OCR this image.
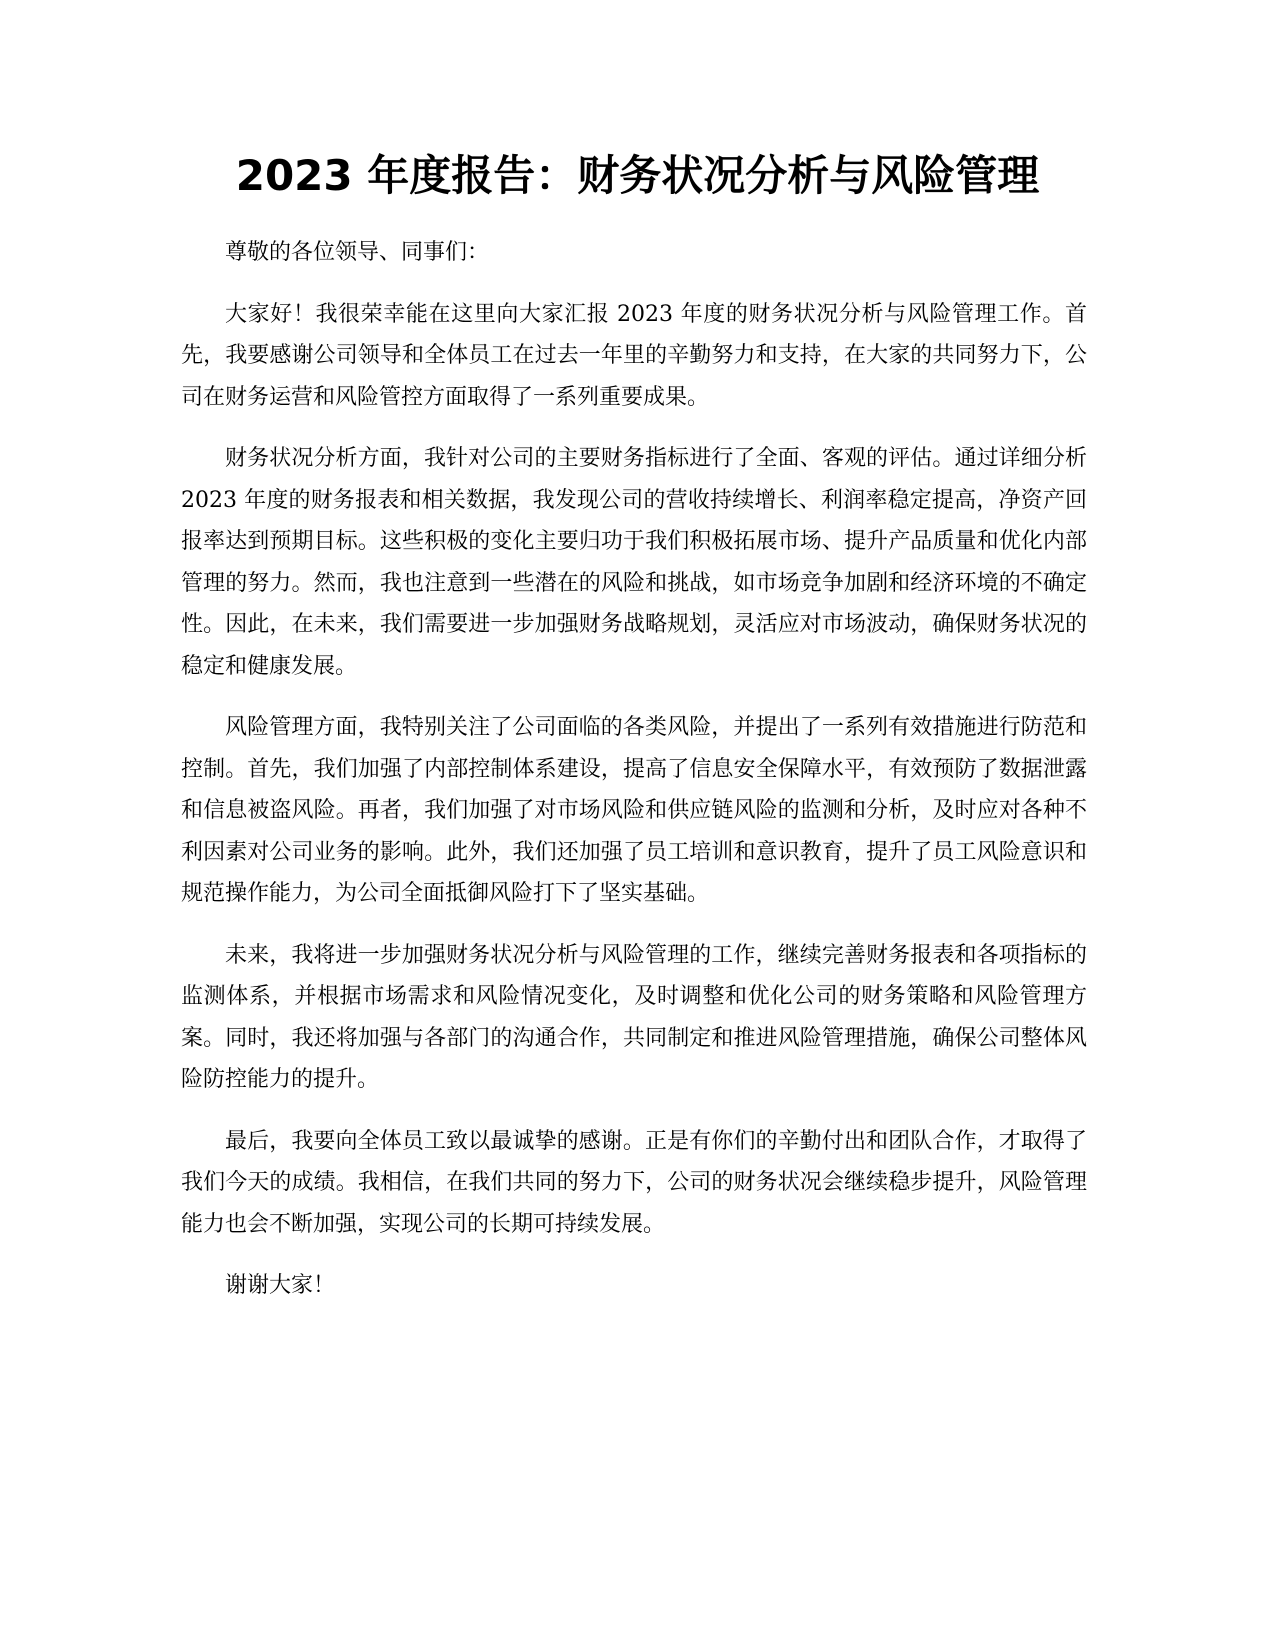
2023 年度报告：财务状况分析与风险管理

尊敬的各位领导、同事们：

大家好！我很荣幸能在这里向大家汇报 2023 年度的财务状况分析与风险管理工作。首先，我要感谢公司领导和全体员工在过去一年里的辛勤努力和支持，在大家的共同努力下，公司在财务运营和风险管控方面取得了一系列重要成果。

财务状况分析方面，我针对公司的主要财务指标进行了全面、客观的评估。通过详细分析 2023 年度的财务报表和相关数据，我发现公司的营收持续增长、利润率稳定提高，净资产回报率达到预期目标。这些积极的变化主要归功于我们积极拓展市场、提升产品质量和优化内部管理的努力。然而，我也注意到一些潜在的风险和挑战，如市场竞争加剧和经济环境的不确定性。因此，在未来，我们需要进一步加强财务战略规划，灵活应对市场波动，确保财务状况的稳定和健康发展。

风险管理方面，我特别关注了公司面临的各类风险，并提出了一系列有效措施进行防范和控制。首先，我们加强了内部控制体系建设，提高了信息安全保障水平，有效预防了数据泄露和信息被盗风险。再者，我们加强了对市场风险和供应链风险的监测和分析，及时应对各种不利因素对公司业务的影响。此外，我们还加强了员工培训和意识教育，提升了员工风险意识和规范操作能力，为公司全面抵御风险打下了坚实基础。

未来，我将进一步加强财务状况分析与风险管理的工作，继续完善财务报表和各项指标的监测体系，并根据市场需求和风险情况变化，及时调整和优化公司的财务策略和风险管理方案。同时，我还将加强与各部门的沟通合作，共同制定和推进风险管理措施，确保公司整体风险防控能力的提升。

最后，我要向全体员工致以最诚挚的感谢。正是有你们的辛勤付出和团队合作，才取得了我们今天的成绩。我相信，在我们共同的努力下，公司的财务状况会继续稳步提升，风险管理能力也会不断加强，实现公司的长期可持续发展。

谢谢大家！
